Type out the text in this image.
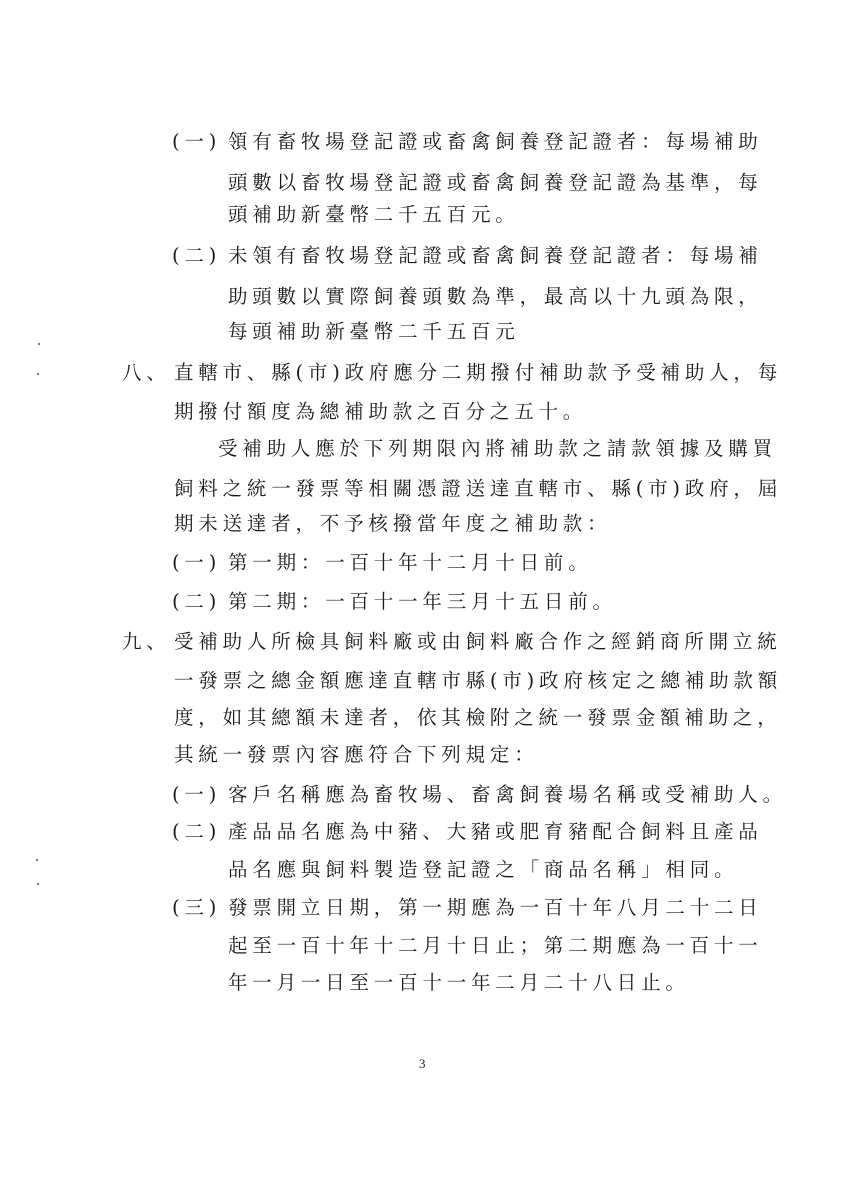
(一) 領有畜牧場登記證或畜禽飼養登記證者：每場補助
頭數以畜牧場登記證或畜禽飼養登記證為基準，每
頭補助新臺幣二千五百元。
(二) 未領有畜牧場登記證或畜禽飼養登記證者：每場補
助頭數以實際飼養頭數為準，最高以十九頭為限，
每頭補助新臺幣二千五百元
八、 直轄市、縣(市)政府應分二期撥付補助款予受補助人，每
期撥付額度為總補助款之百分之五十。
受補助人應於下列期限內將補助款之請款領據及購買
飼料之統一發票等相關憑證送達直轄市、縣(市)政府，屆
期未送達者，不予核撥當年度之補助款：
(一) 第一期：一百十年十二月十日前。
(二) 第二期：一百十一年三月十五日前。
九、 受補助人所檢具飼料廠或由飼料廠合作之經銷商所開立統
一發票之總金額應達直轄市縣(市)政府核定之總補助款額
度，如其總額未達者，依其檢附之統一發票金額補助之，
其統一發票內容應符合下列規定：
(一) 客戶名稱應為畜牧場、畜禽飼養場名稱或受補助人。
(二) 產品品名應為中豬、大豬或肥育豬配合飼料且產品
品名應與飼料製造登記證之「商品名稱」相同。
(三) 發票開立日期，第一期應為一百十年八月二十二日
起至一百十年十二月十日止；第二期應為一百十一
年一月一日至一百十一年二月二十八日止。
3
